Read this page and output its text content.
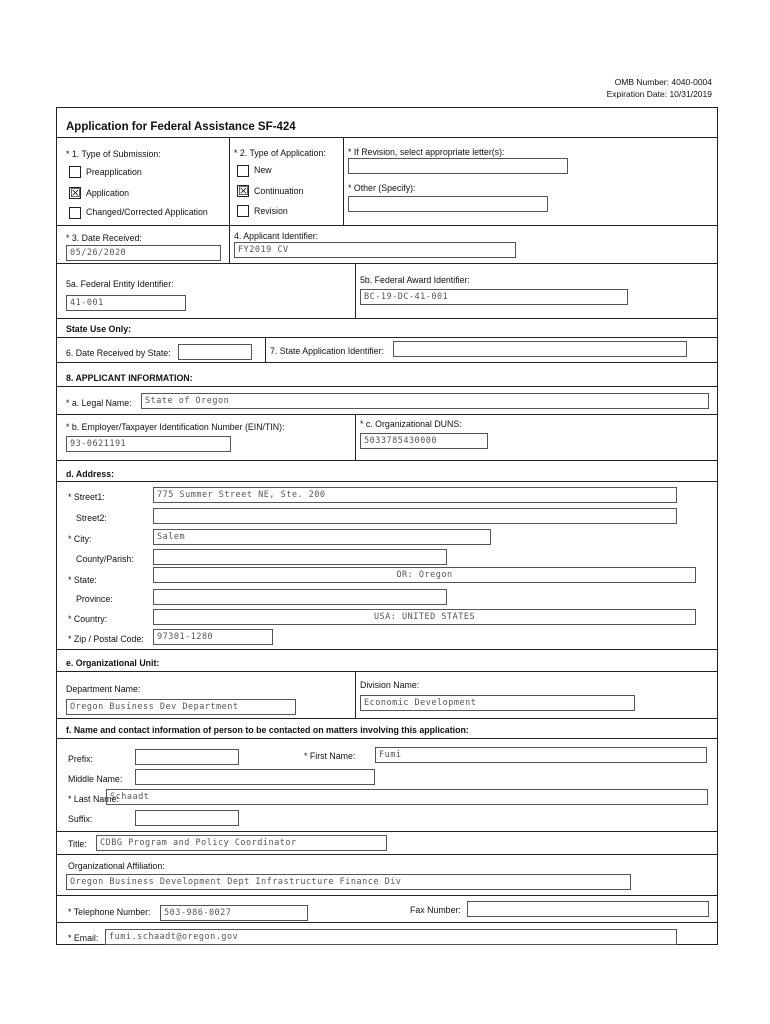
OMB Number: 4040-0004
Expiration Date: 10/31/2019
Application for Federal Assistance SF-424
* 1. Type of Submission:
Preapplication
☒ Application
Changed/Corrected Application
* 2. Type of Application:
New
☒ Continuation
Revision
* If Revision, select appropriate letter(s):
* Other (Specify):
* 3. Date Received:
05/26/2020
4. Applicant Identifier:
FY2019 CV
5a. Federal Entity Identifier:
41-001
5b. Federal Award Identifier:
BC-19-DC-41-001
State Use Only:
6. Date Received by State:	7. State Application Identifier:
8. APPLICANT INFORMATION:
* a. Legal Name:	State of Oregon
* b. Employer/Taxpayer Identification Number (EIN/TIN):
93-0621191
* c. Organizational DUNS:
5033785430000
d. Address:
* Street1:	775 Summer Street NE, Ste. 200
Street2:
* City:	Salem
County/Parish:
* State:	OR: Oregon
Province:
* Country:	USA: UNITED STATES
* Zip / Postal Code:	97301-1280
e. Organizational Unit:
Department Name:
Oregon Business Dev Department
Division Name:
Economic Development
f. Name and contact information of person to be contacted on matters involving this application:
Prefix:	* First Name:	Fumi
Middle Name:
* Last Name:
Schaadt
Suffix:
Title:	CDBG Program and Policy Coordinator
Organizational Affiliation:
Oregon Business Development Dept Infrastructure Finance Div
* Telephone Number:	503-986-0027	Fax Number:
* Email:	fumi.schaadt@oregon.gov
